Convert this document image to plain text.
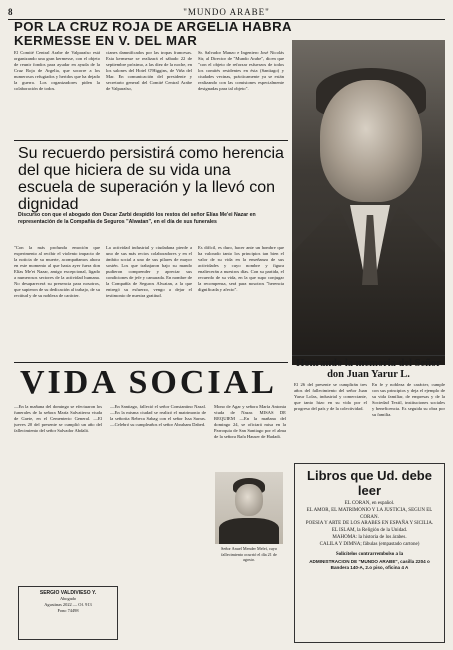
8	"MUNDO ARABE"
POR LA CRUZ ROJA DE ARGELIA HABRA KERMESSE EN V. DEL MAR
El Comité Central Arabe de Valparaíso está organizando una gran kermesse, con el objeto de reunir fondos para ayudar en ayuda de la Cruz Roja de Argelia, que socorre a los numerosos refugiados y heridos que ha dejado la guerra. Los organizadores piden la colaboración de todos.
cianes damnificados por las tropas francesas. Esta kermesse se realizará el sábado 22 de septiembre próximo, a las diez de la noche, en los salones del Hotel O'Higgins, de Viña del Mar. En comunicación del presidente y secretario general del Comité Central Arabe de Valparaíso,
Sr. Salvador Manzo e Ingeniero José Nicolás Sir, al Director de "Mundo Arabe", dicen que "con el objeto de reforzar esfuerzos de todos los comités residentes en ésta (Santiago) y ciudades vecinas, prácticamente ya se están realizando con las comisiones especialmente designadas para tal objeto".
Su recuerdo persistirá como herencia del que hiciera de su vida una escuela de superación y la llevó con dignidad
Discurso con que el abogado don Oscar Zarbi despidió los restos del señor Elías Me'ei Nazar en representación de la Compañía de Seguros "Alwatan", en el día de sus funerales
"Con la más profunda emoción que experimento al recibir el violento impacto de la noticia de su muerte, acompañamos ahora en este momento al que hasta ayer fuera don Elías Me'ei Nazar, amigo excepcional, ligado a numerosos sectores de la actividad humana. No desaparecerá su presencia para nosotros, que supieron de su dedicación al trabajo, de su rectitud y de su nobleza de carácter.
La actividad industrial y ciudadana pierde a uno de sus más recios colaboradores y en el ámbito social a uno de sus pilares de mayor sostén. Los que trabajaron bajo su mando pudieron comprender y apreciar sus condiciones de jefe y camarada. En nombre de la Compañía de Seguros Alwatan, a la que entregó su esfuerzo, vengo a dejar el testimonio de nuestra gratitud.
Es difícil, es duro, hacer ante un hombre que ha valorado tanto los principios tan bien el valor de su vida en la enseñanza de sus actividades y cuyo nombre y figura enaltecerán a nuestros días. Con su partida, el recuerdo de su vida, en la que supo conjugar la recompensa, será para nosotros "herencia dignificada y afecto".
Honrando la memoria del Señor don Juan Yarur L.
El 26 del presente se cumplirán tres años del fallecimiento del señor Juan Yarur Lolas, industrial y comerciante, que tanto hizo en su vida por el progreso del país y de la colectividad.
En fe y nobleza de carácter, cumple con sus principios y deja el ejemplo de su vida familiar, de empresas y de la Sociedad Textil, instituciones sociales y beneficencia. Es seguida su obra por su familia.
VIDA SOCIAL
—En la mañana del domingo se efectuaron los funerales de la señora María Salvatierra viuda de Gaete, en el Cementerio General. —El jueves 20 del presente se cumplió un año del fallecimiento del señor Salvador Abdalá.
—En Santiago, falleció el señor Constantino Nazal. —En la misma ciudad se realizó el matrimonio de la señorita Rebeca Sabag con el señor Issa Sarras. —Celebró su cumpleaños el señor Abraham Dabed.
Mono de Agar y señora María Antonia viuda de Nazar. MISAS DE REQUIEM —En la mañana del domingo 24, se oficiará misa en la Parroquia de San Santiago por el alma de la señora Rafa Hauser de Hadadi.
Señor Anuel Mender Meleí, cuyo fallecimiento ocurrió el día 21 de agosto.
SERGIO VALDIVIESO Y.
Abogado
Agustinas 2022 — Of. 913
Fono 74498
Libros que Ud. debe leer

EL CORAN, en español.

EL AMOR, EL MATRIMONIO Y LA JUSTICIA, SEGUN EL CORAN.

POESIA Y ARTE DE LOS ARABES EN ESPAÑA Y SICILIA.

EL ISLAM, la Religión de la Unidad.

MAHOMA: la historia de los árabes.

CALILA Y DIMNA; fábulas (empastado cartone)

Solicítelos contrarrembolso a la
ADMINISTRACION DE "MUNDO ARABE", casilla 2204 o Bandera 140-A, 2.o piso, oficina 4 A
